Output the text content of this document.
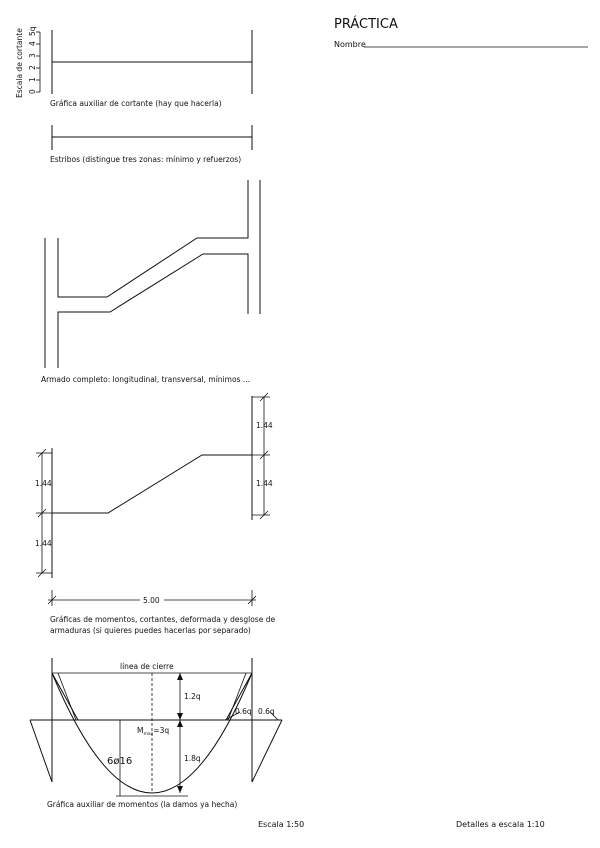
PRÁCTICA
Nombre
Escala de cortante 0
1
2
3
4
5q
Gráfica auxiliar de cortante (hay que hacerla)
Estribos (distingue tres zonas: mínimo y refuerzos)
Armado completo: longitudinal, transversal, mínimos ...
1.44
1.44
1.44
1.44
5.00
Gráficas de momentos, cortantes, deformada y desglose de
armaduras (si quieres puedes hacerlas por separado)
línea de cierre
1.2q
1.8q
$M_{max}=3q$
6ø16
0.6q 0.6q
Gráfica auxiliar de momentos (la damos ya hecha)
Escala 1:50	Detalles a escala 1:10
